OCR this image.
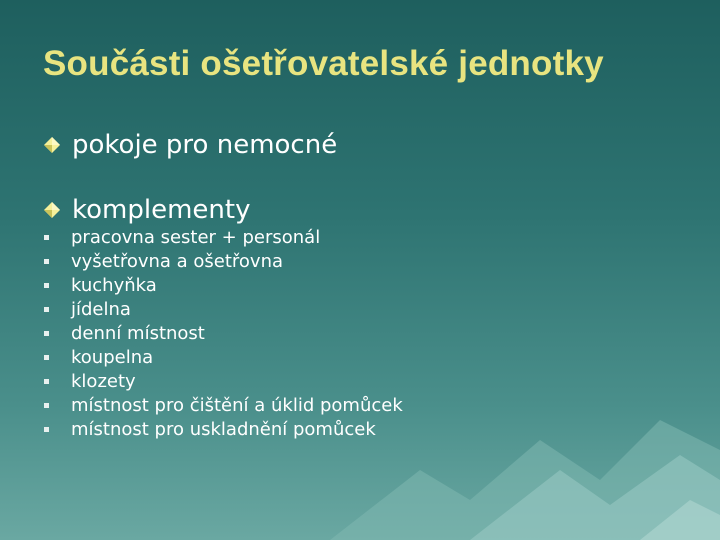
Součásti ošetřovatelské jednotky
pokoje pro nemocné
komplementy
pracovna sester + personál
vyšetřovna a ošetřovna
kuchyňka
jídelna
denní místnost
koupelna
klozety
místnost pro čištění a úklid pomůcek
místnost pro uskladnění pomůcek
